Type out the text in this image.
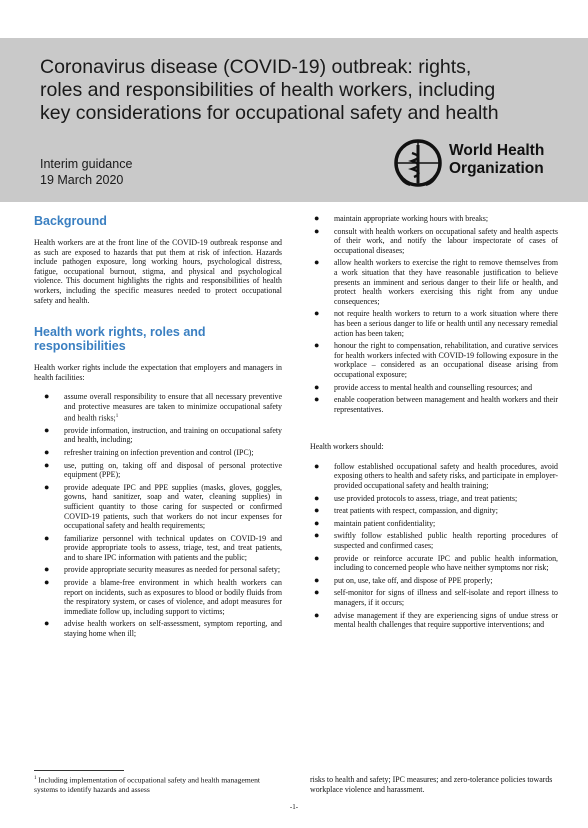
Coronavirus disease (COVID-19) outbreak: rights,
roles and responsibilities of health workers, including
key considerations for occupational safety and health
Interim guidance
19 March 2020
World Health
Organization
Background

Health workers are at the front line of the COVID-19 outbreak response and as such are exposed to hazards that put them at risk of infection. Hazards include pathogen exposure, long working hours, psychological distress, fatigue, occupational burnout, stigma, and physical and psychological violence. This document highlights the rights and responsibilities of health workers, including the specific measures needed to protect occupational safety and health.

Health work rights, roles and responsibilities

Health worker rights include the expectation that employers and managers in health facilities:

● assume overall responsibility to ensure that all necessary preventive and protective measures are taken to minimize occupational safety and health risks;$^1$
● provide information, instruction, and training on occupational safety and health, including;
● refresher training on infection prevention and control (IPC);
● use, putting on, taking off and disposal of personal protective equipment (PPE);
● provide adequate IPC and PPE supplies (masks, gloves, goggles, gowns, hand sanitizer, soap and water, cleaning supplies) in sufficient quantity to those caring for suspected or confirmed COVID-19 patients, such that workers do not incur expenses for occupational safety and health requirements;
● familiarize personnel with technical updates on COVID-19 and provide appropriate tools to assess, triage, test, and treat patients, and to share IPC information with patients and the public;
● provide appropriate security measures as needed for personal safety;
● provide a blame-free environment in which health workers can report on incidents, such as exposures to blood or bodily fluids from the respiratory system, or cases of violence, and adopt measures for immediate follow up, including support to victims;
● advise health workers on self-assessment, symptom reporting, and staying home when ill;
● maintain appropriate working hours with breaks;
● consult with health workers on occupational safety and health aspects of their work, and notify the labour inspectorate of cases of occupational diseases;
● allow health workers to exercise the right to remove themselves from a work situation that they have reasonable justification to believe presents an imminent and serious danger to their life or health, and protect health workers exercising this right from any undue consequences;
● not require health workers to return to a work situation where there has been a serious danger to life or health until any necessary remedial action has been taken;
● honour the right to compensation, rehabilitation, and curative services for health workers infected with COVID-19 following exposure in the workplace – considered as an occupational disease arising from occupational exposure;
● provide access to mental health and counselling resources; and
● enable cooperation between management and health workers and their representatives.

Health workers should:

● follow established occupational safety and health procedures, avoid exposing others to health and safety risks, and participate in employer-provided occupational safety and health training;
● use provided protocols to assess, triage, and treat patients;
● treat patients with respect, compassion, and dignity;
● maintain patient confidentiality;
● swiftly follow established public health reporting procedures of suspected and confirmed cases;
● provide or reinforce accurate IPC and public health information, including to concerned people who have neither symptoms nor risk;
● put on, use, take off, and dispose of PPE properly;
● self-monitor for signs of illness and self-isolate and report illness to managers, if it occurs;
● advise management if they are experiencing signs of undue stress or mental health challenges that require supportive interventions; and
$^1$ Including implementation of occupational safety and health management systems to identify hazards and assess
risks to health and safety; IPC measures; and zero-tolerance policies towards workplace violence and harassment.
-1-
